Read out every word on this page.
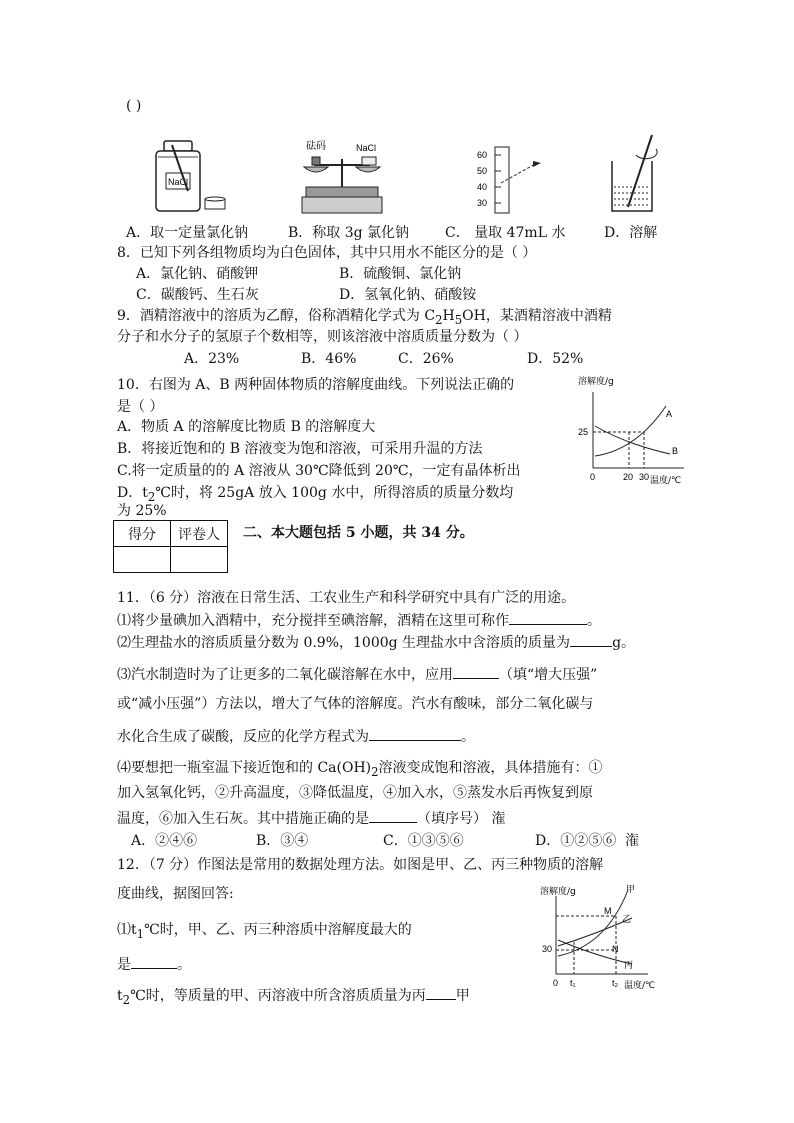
( )
NaCl
砝码	NaCl
60
50
40
30
A．取一定量氯化钠	B．称取 3g 氯化钠	C． 量取 47mL 水	D．溶解
8．已知下列各组物质均为白色固体，其中只用水不能区分的是（ ）
A．氯化钠、硝酸钾	B．硫酸铜、氯化钠
C．碳酸钙、生石灰	D．氢氧化钠、硝酸铵
9．酒精溶液中的溶质为乙醇，俗称酒精化学式为 $C_2H_5OH$，某酒精溶液中酒精
分子和水分子的氢原子个数相等，则该溶液中溶质质量分数为（ ）
A．23%	B．46%	C．26%	D．52%
10．右图为 A、B 两种固体物质的溶解度曲线。下列说法正确的
是（ ）
A．物质 A 的溶解度比物质 B 的溶解度大
B．将接近饱和的 B 溶液变为饱和溶液，可采用升温的方法
C.将一定质量的的 A 溶液从 30℃降低到 20℃，一定有晶体析出
D．$t_2℃$时，将 25gA 放入 100g 水中，所得溶质的质量分数均
为 25%
溶解度/g
25
0	20 30 温度/℃
A
B
得分	评卷人
	二、本大题包括 5 小题，共 34 分。
11．（6 分）溶液在日常生活、工农业生产和科学研究中具有广泛的用途。
⑴将少量碘加入酒精中，充分搅拌至碘溶解，酒精在这里可称作	。
⑵生理盐水的溶质质量分数为 0.9%，1000g 生理盐水中含溶质的质量为	g。
⑶汽水制造时为了让更多的二氧化碳溶解在水中，应用	（填“增大压强”
或“减小压强”）方法以，增大了气体的溶解度。汽水有酸味，部分二氧化碳与
水化合生成了碳酸，反应的化学方程式为	。
⑷要想把一瓶室温下接近饱和的 $Ca(OH)_2$溶液变成饱和溶液，具体措施有：①
加入氢氧化钙，②升高温度，③降低温度，④加入水，⑤蒸发水后再恢复到原
温度，⑥加入生石灰。其中措施正确的是	（填序号） 潅
A．②④⑥	B．③④	C．①③⑤⑥	D．①②⑤⑥ 潅
12．（7 分）作图法是常用的数据处理方法。如图是甲、乙、丙三种物质的溶解
度曲线，据图回答:
$⑴t_1℃$时，甲、乙、丙三种溶质中溶解度最大的
是	。
$t_2℃$时，等质量的甲、丙溶液中所含溶质质量为丙 甲
溶解度/g	甲
乙
丙
M
N
30
0 t₁	t₂ 温度/℃
